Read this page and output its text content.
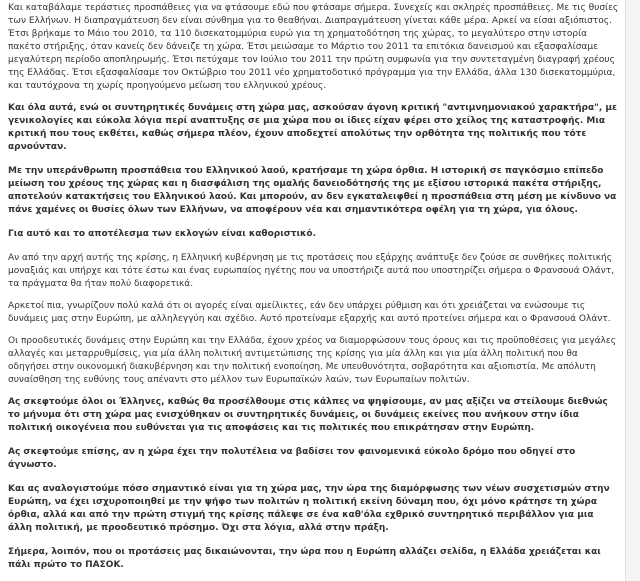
Και καταβάλαμε τεράστιες προσπάθειες για να φτάσουμε εδώ που φτάσαμε σήμερα. Συνεχείς και σκληρές προσπάθειες. Με τις θυσίες των Ελλήνων. Η διαπραγμάτευση δεν είναι σύνθημα για το θεαθήναι. Διαπραγμάτευση γίνεται κάθε μέρα. Αρκεί να είσαι αξιόπιστος. Έτσι βρήκαμε το Μάιο του 2010, τα 110 δισεκατομμύρια ευρώ για τη χρηματοδότηση της χώρας, το μεγαλύτερο στην ιστορία πακέτο στήριξης, όταν κανείς δεν δάνειζε τη χώρα. Έτσι μειώσαμε το Μάρτιο του 2011 τα επιτόκια δανεισμού και εξασφαλίσαμε μεγαλύτερη περίοδο αποπληρωμής. Έτσι πετύχαμε τον Ιούλιο του 2011 την πρώτη συμφωνία για την συντεταγμένη διαγραφή χρέους της Ελλάδας. Έτσι εξασφαλίσαμε τον Οκτώβριο του 2011 νέο χρηματοδοτικό πρόγραμμα για την Ελλάδα, άλλα 130 δισεκατομμύρια, και ταυτόχρονα τη χωρίς προηγούμενο μείωση του ελληνικού χρέους.

Και όλα αυτά, ενώ οι συντηρητικές δυνάμεις στη χώρα μας, ασκούσαν άγονη κριτική "αντιμνημονιακού χαρακτήρα", με γενικολογίες και εύκολα λόγια περί αναπτυξης σε μια χώρα που οι ίδιες είχαν φέρει στο χείλος της καταστροφής. Μια κριτική που τους εκθέτει, καθώς σήμερα πλέον, έχουν αποδεχτεί απολύτως την ορθότητα της πολιτικής που τότε αρνούνταν.

Με την υπεράνθρωπη προσπάθεια του Ελληνικού λαού, κρατήσαμε τη χώρα όρθια. Η ιστορική σε παγκόσμιο επίπεδο μείωση του χρέους της χώρας και η διασφάλιση της ομαλής δανειοδότησής της με εξίσου ιστορικά πακέτα στήριξης, αποτελούν κατακτήσεις του Ελληνικού λαού. Και μπορούν, αν δεν εγκαταλειφθεί η προσπάθεια στη μέση με κίνδυνο να πάνε χαμένες οι θυσίες όλων των Ελλήνων, να αποφέρουν νέα και σημαντικότερα οφέλη για τη χώρα, για όλους.

Για αυτό και το αποτέλεσμα των εκλογών είναι καθοριστικό.

Αν από την αρχή αυτής της κρίσης, η Ελληνική κυβέρνηση με τις προτάσεις που εξάρχης ανάπτυξε δεν ζούσε σε συνθήκες πολιτικής μοναξιάς και υπήρχε και τότε έστω και ένας ευρωπαίος ηγέτης που να υποστήριζε αυτά που υποστηρίζει σήμερα ο Φρανσουά Ολάντ, τα πράγματα θα ήταν πολύ διαφορετικά.

Αρκετοί πια, γνωρίζουν πολύ καλά ότι οι αγορές είναι αμείλικτες, εάν δεν υπάρχει ρύθμιση και ότι χρειάζεται να ενώσουμε τις δυνάμεις μας στην Ευρώπη, με αλληλεγγύη και σχέδιο. Αυτό προτείναμε εξαρχής και αυτό προτείνει σήμερα και ο Φρανσουά Ολάντ.

Οι προοδευτικές δυνάμεις στην Ευρώπη και την Ελλάδα, έχουν χρέος να διαμορφώσουν τους όρους και τις προϋποθέσεις για μεγάλες αλλαγές και μεταρρυθμίσεις, για μία άλλη πολιτική αντιμετώπισης της κρίσης για μία άλλη και για μία άλλη πολιτική που θα οδηγήσει στην οικονομική διακυβέρνηση και την πολιτική ενοποίηση. Με υπευθυνότητα, σοβαρότητα και αξιοπιστία. Με απόλυτη συναίσθηση της ευθύνης τους απέναντι στο μέλλον των Ευρωπαϊκών λαών, των Ευρωπαίων πολιτών.

Ας σκεφτούμε όλοι οι Έλληνες, καθώς θα προσέλθουμε στις κάλπες να ψηφίσουμε, αν μας αξίζει να στείλουμε διεθνώς το μήνυμα ότι στη χώρα μας ενισχύθηκαν οι συντηρητικές δυνάμεις, οι δυνάμεις εκείνες που ανήκουν στην ίδια πολιτική οικογένεια που ευθύνεται για τις αποφάσεις και τις πολιτικές που επικράτησαν στην Ευρώπη.

Ας σκεφτούμε επίσης, αν η χώρα έχει την πολυτέλεια να βαδίσει τον φαινομενικά εύκολο δρόμο που οδηγεί στο άγνωστο.

Και ας αναλογιστούμε πόσο σημαντικό είναι για τη χώρα μας, την ώρα της διαμόρφωσης των νέων συσχετισμών στην Ευρώπη, να έχει ισχυροποιηθεί με την ψήφο των πολιτών η πολιτική εκείνη δύναμη που, όχι μόνο κράτησε τη χώρα όρθια, αλλά και από την πρώτη στιγμή της κρίσης πάλεψε σε ένα καθ'όλα εχθρικό συντηρητικό περιβάλλον για μια άλλη πολιτική, με προοδευτικό πρόσημο. Όχι στα λόγια, αλλά στην πράξη.

Σήμερα, λοιπόν, που οι προτάσεις μας δικαιώνονται, την ώρα που η Ευρώπη αλλάζει σελίδα, η Ελλάδα χρειάζεται και πάλι πρώτο το ΠΑΣΟΚ.
